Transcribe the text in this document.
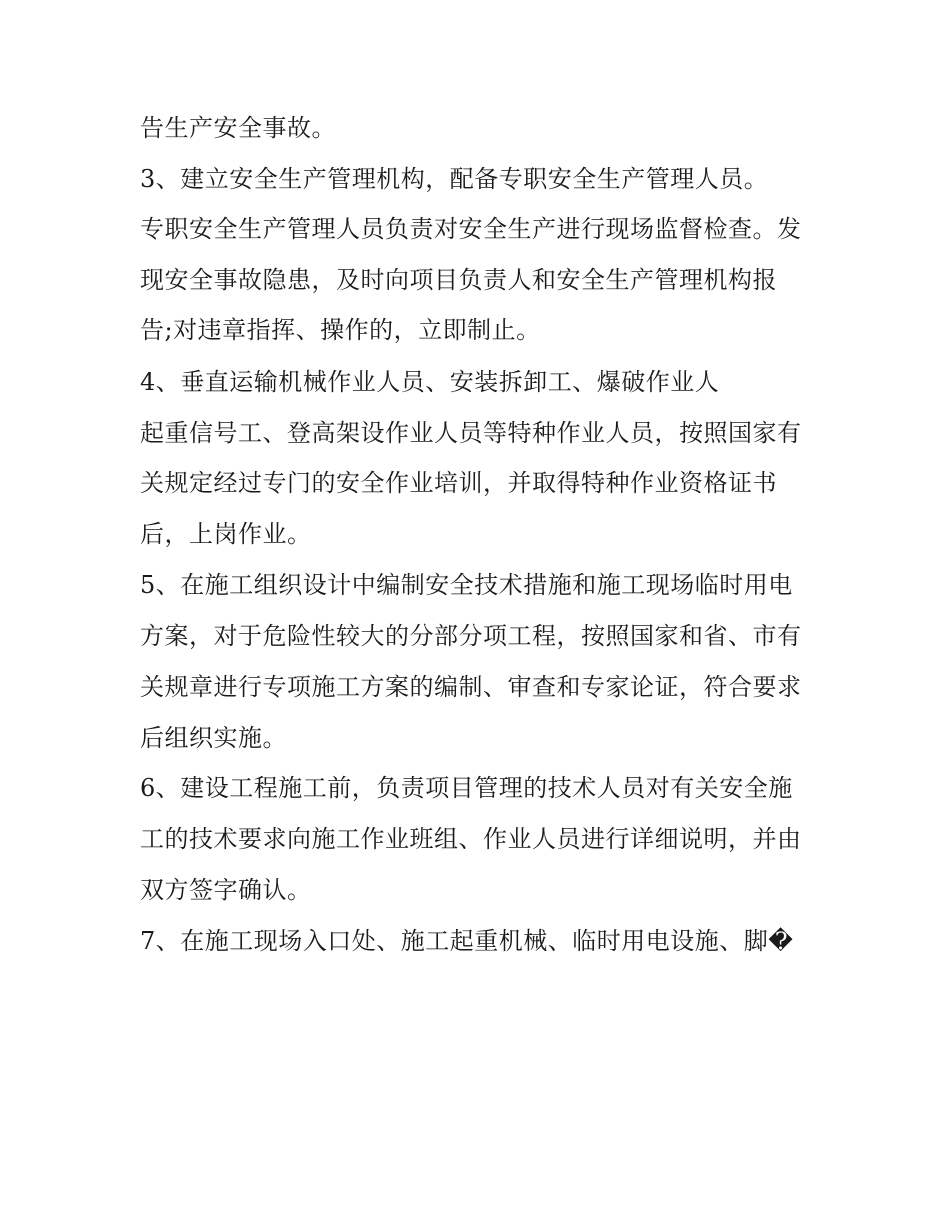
告生产安全事故。
3、建立安全生产管理机构，配备专职安全生产管理人员。
专职安全生产管理人员负责对安全生产进行现场监督检查。发
现安全事故隐患，及时向项目负责人和安全生产管理机构报
告;对违章指挥、操作的，立即制止。
4、垂直运输机械作业人员、安装拆卸工、爆破作业人
起重信号工、登高架设作业人员等特种作业人员，按照国家有
关规定经过专门的安全作业培训，并取得特种作业资格证书
后，上岗作业。
5、在施工组织设计中编制安全技术措施和施工现场临时用电
方案，对于危险性较大的分部分项工程，按照国家和省、市有
关规章进行专项施工方案的编制、审查和专家论证，符合要求
后组织实施。
6、建设工程施工前，负责项目管理的技术人员对有关安全施
工的技术要求向施工作业班组、作业人员进行详细说明，并由
双方签字确认。
7、在施工现场入口处、施工起重机械、临时用电设施、脚�
